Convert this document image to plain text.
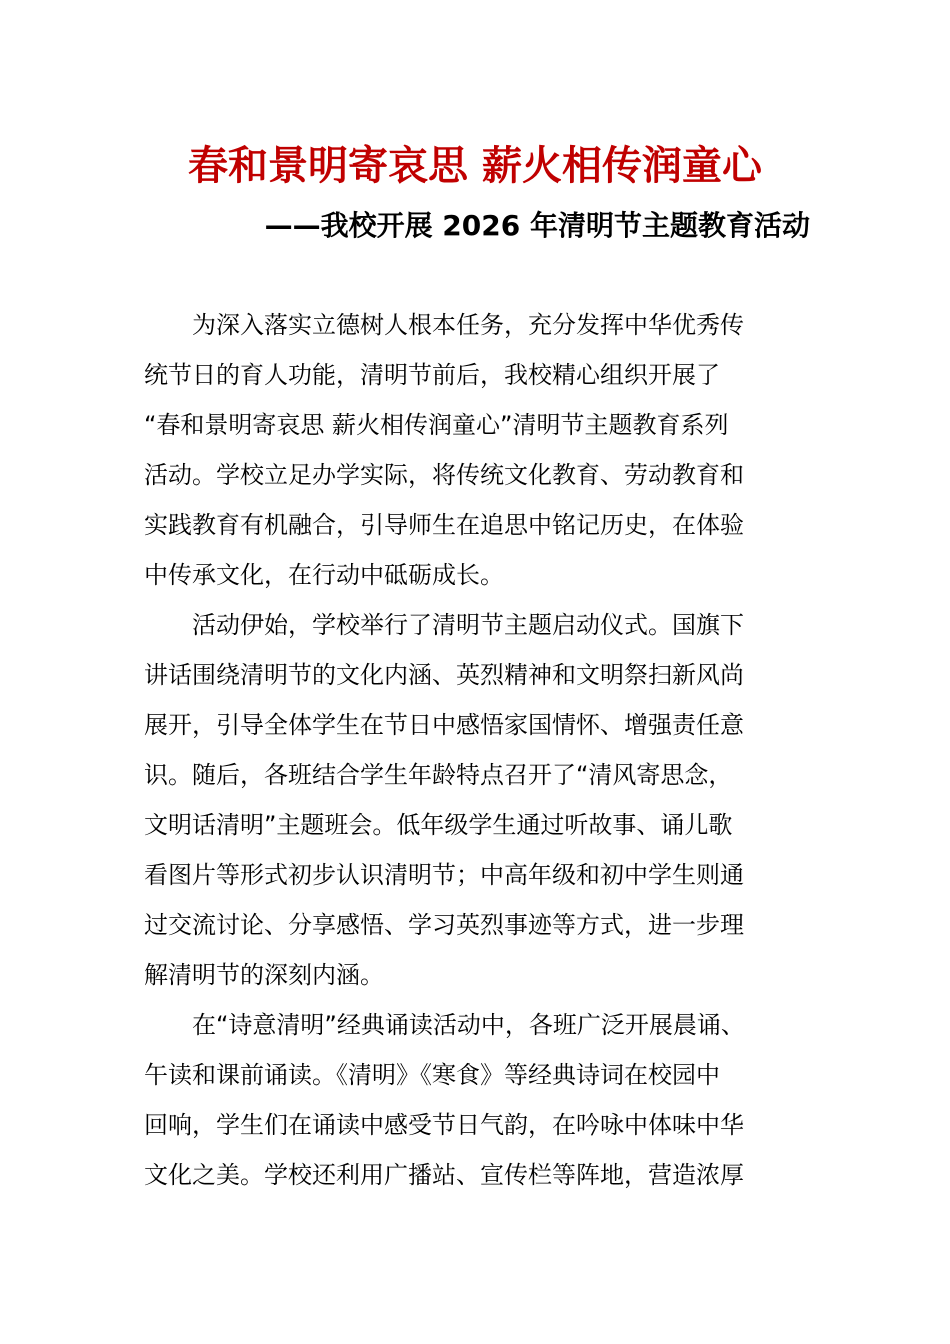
春和景明寄哀思 薪火相传润童心
——我校开展 2026 年清明节主题教育活动
为深入落实立德树人根本任务，充分发挥中华优秀传
统节日的育人功能，清明节前后，我校精心组织开展了
“春和景明寄哀思 薪火相传润童心”清明节主题教育系列
活动。学校立足办学实际，将传统文化教育、劳动教育和
实践教育有机融合，引导师生在追思中铭记历史，在体验
中传承文化，在行动中砥砺成长。
活动伊始，学校举行了清明节主题启动仪式。国旗下
讲话围绕清明节的文化内涵、英烈精神和文明祭扫新风尚
展开，引导全体学生在节日中感悟家国情怀、增强责任意
识。随后，各班结合学生年龄特点召开了“清风寄思念，
文明话清明”主题班会。低年级学生通过听故事、诵儿歌
看图片等形式初步认识清明节；中高年级和初中学生则通
过交流讨论、分享感悟、学习英烈事迹等方式，进一步理
解清明节的深刻内涵。
在“诗意清明”经典诵读活动中，各班广泛开展晨诵、
午读和课前诵读。《清明》《寒食》等经典诗词在校园中
回响，学生们在诵读中感受节日气韵，在吟咏中体味中华
文化之美。学校还利用广播站、宣传栏等阵地，营造浓厚
